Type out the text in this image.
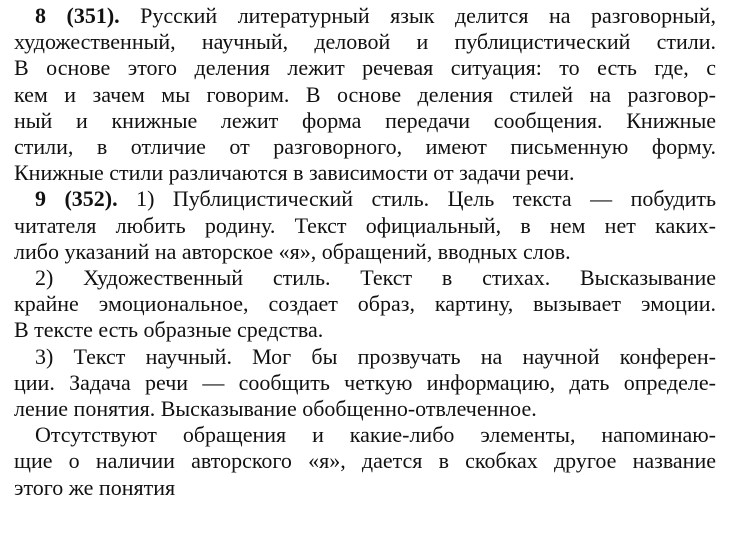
8 (351). Русский литературный язык делится на разговорный,
художественный, научный, деловой и публицистический стили.
В основе этого деления лежит речевая ситуация: то есть где, с
кем и зачем мы говорим. В основе деления стилей на разговор-
ный и книжные лежит форма передачи сообщения. Книжные
стили, в отличие от разговорного, имеют письменную форму.
Книжные стили различаются в зависимости от задачи речи.
9 (352). 1) Публицистический стиль. Цель текста — побудить
читателя любить родину. Текст официальный, в нем нет каких-
либо указаний на авторское «я», обращений, вводных слов.
2) Художественный стиль. Текст в стихах. Высказывание
крайне эмоциональное, создает образ, картину, вызывает эмоции.
В тексте есть образные средства.
3) Текст научный. Мог бы прозвучать на научной конферен-
ции. Задача речи — сообщить четкую информацию, дать определе-
ление понятия. Высказывание обобщенно-отвлеченное.
Отсутствуют обращения и какие-либо элементы, напоминаю-
щие о наличии авторского «я», дается в скобках другое название
этого же понятия
